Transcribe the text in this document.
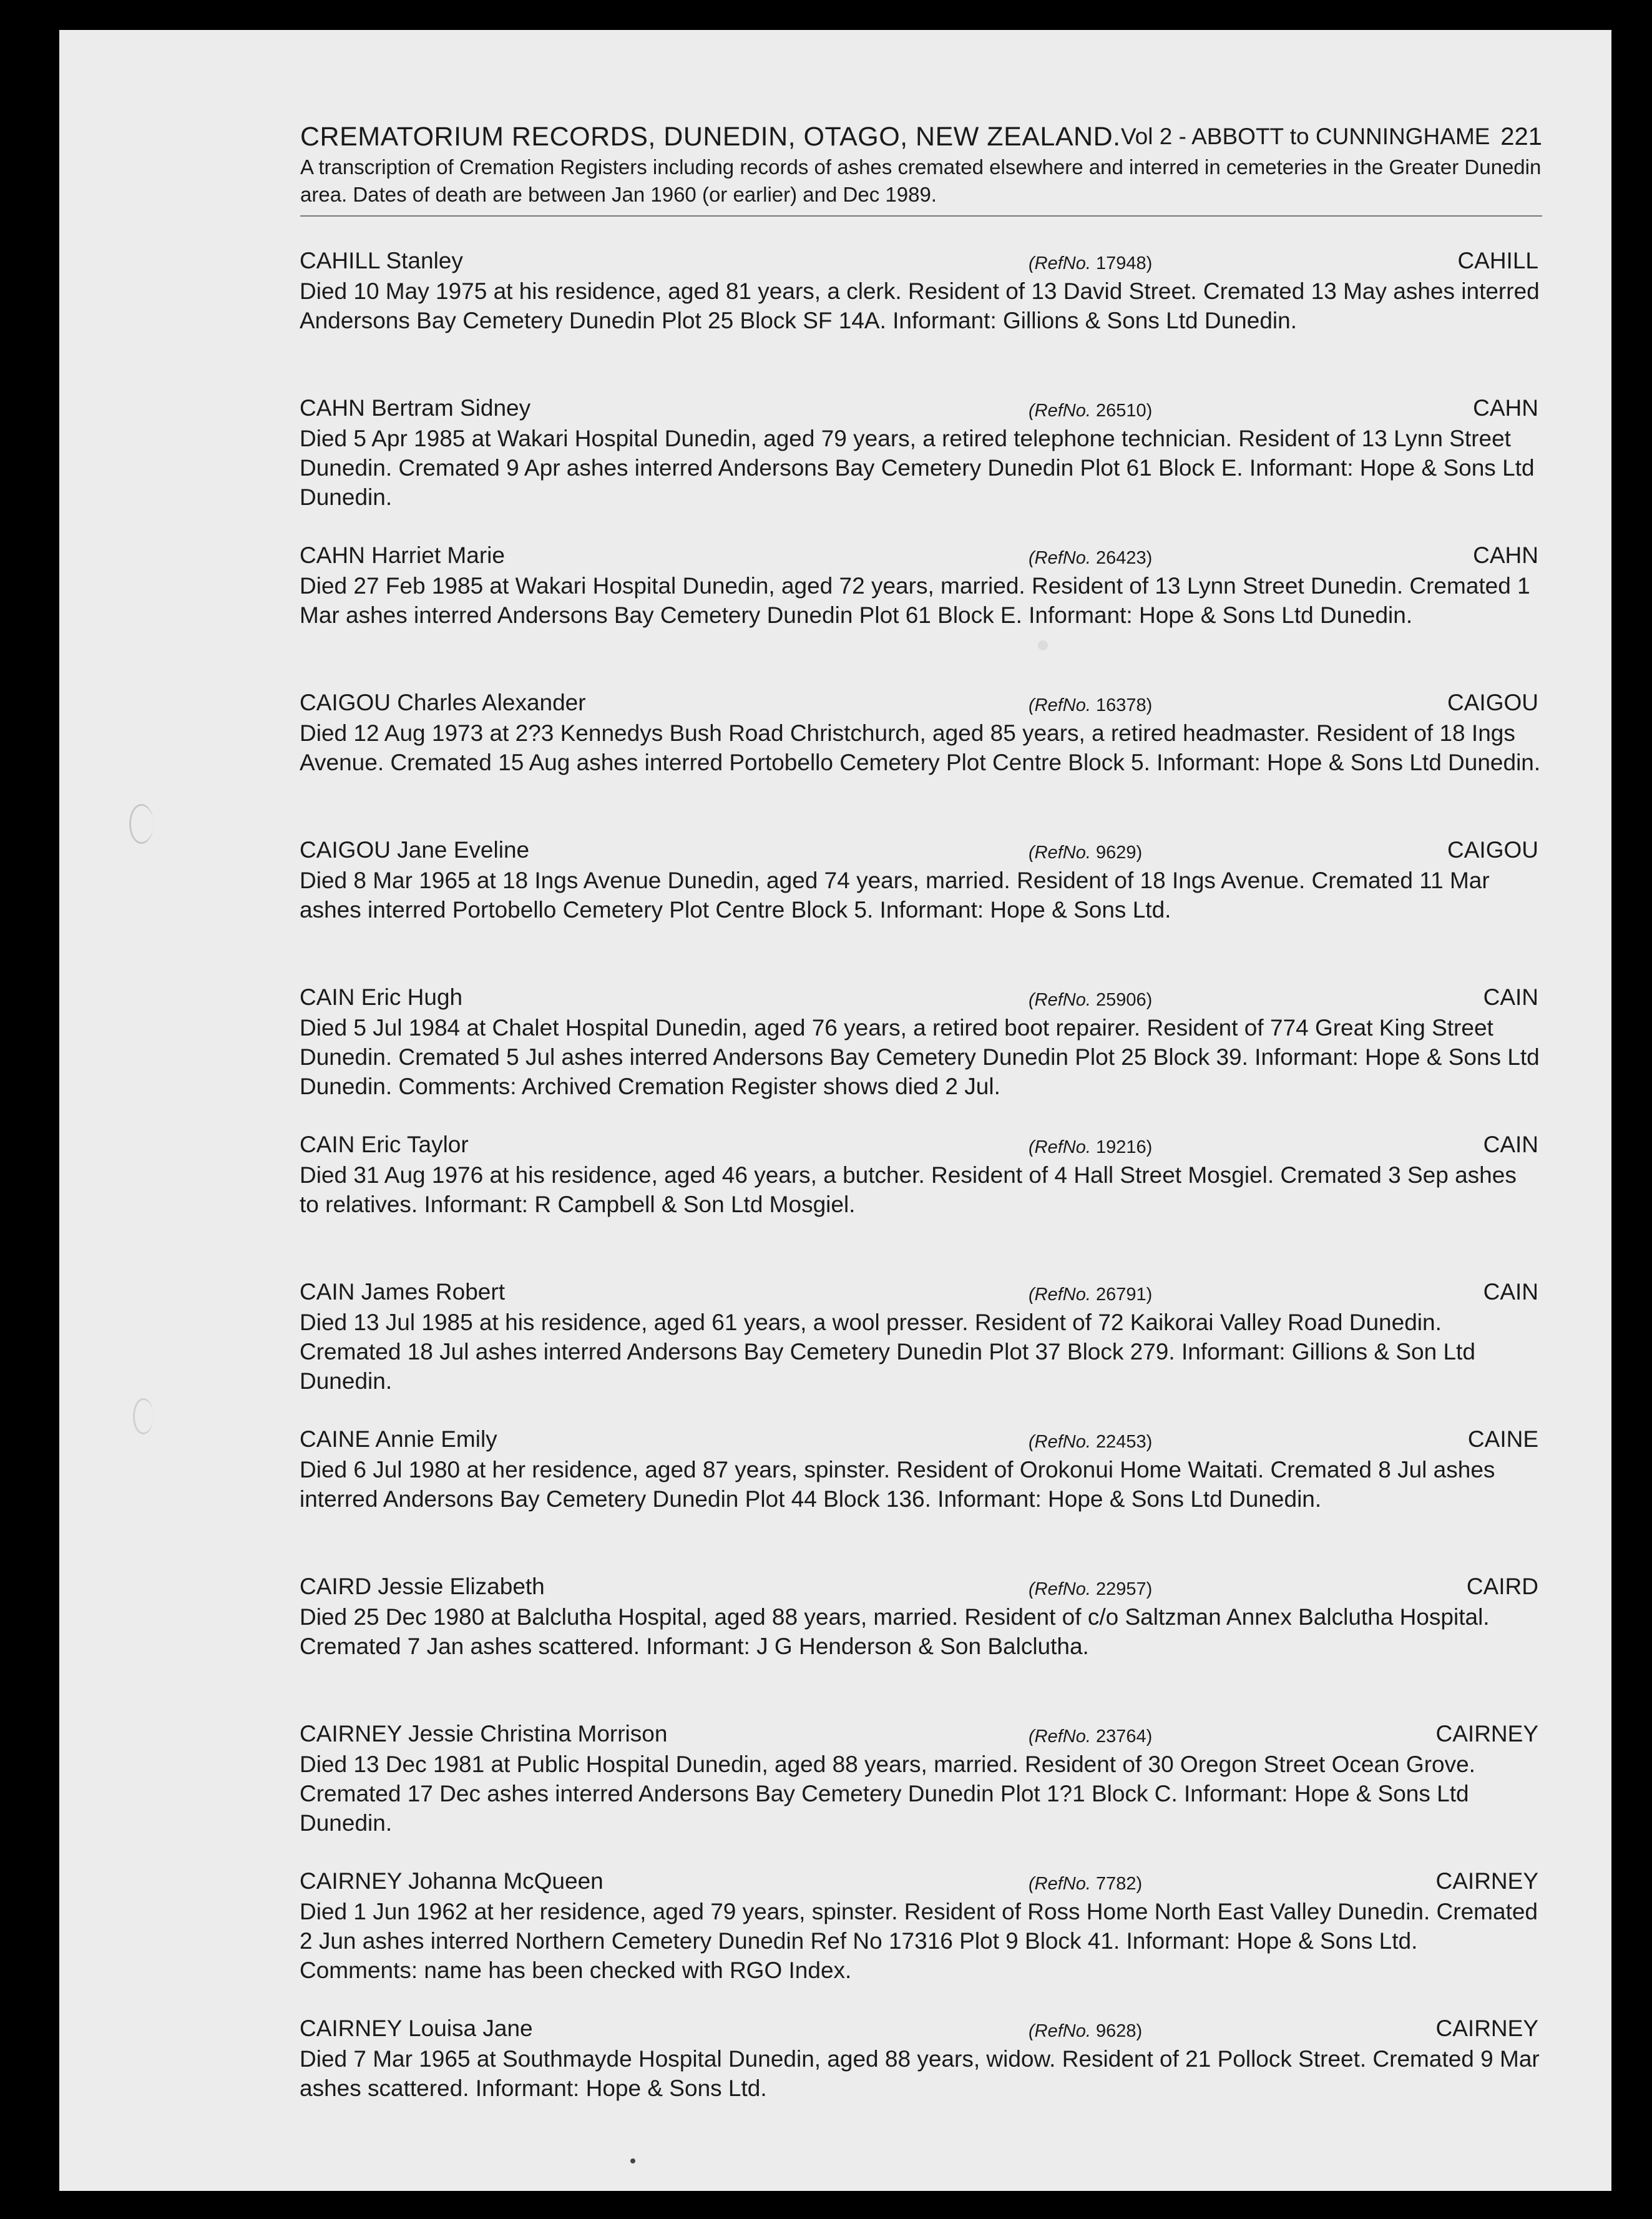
CREMATORIUM RECORDS, DUNEDIN, OTAGO, NEW ZEALAND. Vol 2 - ABBOTT to CUNNINGHAME 221
A transcription of Cremation Registers including records of ashes cremated elsewhere and interred in cemeteries in the Greater Dunedin area. Dates of death are between Jan 1960 (or earlier) and Dec 1989.
CAHILL Stanley	(RefNo. 17948)	CAHILL
Died 10 May 1975 at his residence, aged 81 years, a clerk. Resident of 13 David Street. Cremated 13 May ashes interred Andersons Bay Cemetery Dunedin Plot 25 Block SF 14A. Informant: Gillions & Sons Ltd Dunedin.
CAHN Bertram Sidney	(RefNo. 26510)	CAHN
Died 5 Apr 1985 at Wakari Hospital Dunedin, aged 79 years, a retired telephone technician. Resident of 13 Lynn Street Dunedin. Cremated 9 Apr ashes interred Andersons Bay Cemetery Dunedin Plot 61 Block E. Informant: Hope & Sons Ltd Dunedin.
CAHN Harriet Marie	(RefNo. 26423)	CAHN
Died 27 Feb 1985 at Wakari Hospital Dunedin, aged 72 years, married. Resident of 13 Lynn Street Dunedin. Cremated 1 Mar ashes interred Andersons Bay Cemetery Dunedin Plot 61 Block E. Informant: Hope & Sons Ltd Dunedin.
CAIGOU Charles Alexander	(RefNo. 16378)	CAIGOU
Died 12 Aug 1973 at 2?3 Kennedys Bush Road Christchurch, aged 85 years, a retired headmaster. Resident of 18 Ings Avenue. Cremated 15 Aug ashes interred Portobello Cemetery Plot Centre Block 5. Informant: Hope & Sons Ltd Dunedin.
CAIGOU Jane Eveline	(RefNo. 9629)	CAIGOU
Died 8 Mar 1965 at 18 Ings Avenue Dunedin, aged 74 years, married. Resident of 18 Ings Avenue. Cremated 11 Mar ashes interred Portobello Cemetery Plot Centre Block 5. Informant: Hope & Sons Ltd.
CAIN Eric Hugh	(RefNo. 25906)	CAIN
Died 5 Jul 1984 at Chalet Hospital Dunedin, aged 76 years, a retired boot repairer. Resident of 774 Great King Street Dunedin. Cremated 5 Jul ashes interred Andersons Bay Cemetery Dunedin Plot 25 Block 39. Informant: Hope & Sons Ltd Dunedin. Comments: Archived Cremation Register shows died 2 Jul.
CAIN Eric Taylor	(RefNo. 19216)	CAIN
Died 31 Aug 1976 at his residence, aged 46 years, a butcher. Resident of 4 Hall Street Mosgiel. Cremated 3 Sep ashes to relatives. Informant: R Campbell & Son Ltd Mosgiel.
CAIN James Robert	(RefNo. 26791)	CAIN
Died 13 Jul 1985 at his residence, aged 61 years, a wool presser. Resident of 72 Kaikorai Valley Road Dunedin. Cremated 18 Jul ashes interred Andersons Bay Cemetery Dunedin Plot 37 Block 279. Informant: Gillions & Son Ltd Dunedin.
CAINE Annie Emily	(RefNo. 22453)	CAINE
Died 6 Jul 1980 at her residence, aged 87 years, spinster. Resident of Orokonui Home Waitati. Cremated 8 Jul ashes interred Andersons Bay Cemetery Dunedin Plot 44 Block 136. Informant: Hope & Sons Ltd Dunedin.
CAIRD Jessie Elizabeth	(RefNo. 22957)	CAIRD
Died 25 Dec 1980 at Balclutha Hospital, aged 88 years, married. Resident of c/o Saltzman Annex Balclutha Hospital. Cremated 7 Jan ashes scattered. Informant: J G Henderson & Son Balclutha.
CAIRNEY Jessie Christina Morrison	(RefNo. 23764)	CAIRNEY
Died 13 Dec 1981 at Public Hospital Dunedin, aged 88 years, married. Resident of 30 Oregon Street Ocean Grove. Cremated 17 Dec ashes interred Andersons Bay Cemetery Dunedin Plot 1?1 Block C. Informant: Hope & Sons Ltd Dunedin.
CAIRNEY Johanna McQueen	(RefNo. 7782)	CAIRNEY
Died 1 Jun 1962 at her residence, aged 79 years, spinster. Resident of Ross Home North East Valley Dunedin. Cremated 2 Jun ashes interred Northern Cemetery Dunedin Ref No 17316 Plot 9 Block 41. Informant: Hope & Sons Ltd. Comments: name has been checked with RGO Index.
CAIRNEY Louisa Jane	(RefNo. 9628)	CAIRNEY
Died 7 Mar 1965 at Southmayde Hospital Dunedin, aged 88 years, widow. Resident of 21 Pollock Street. Cremated 9 Mar ashes scattered. Informant: Hope & Sons Ltd.
